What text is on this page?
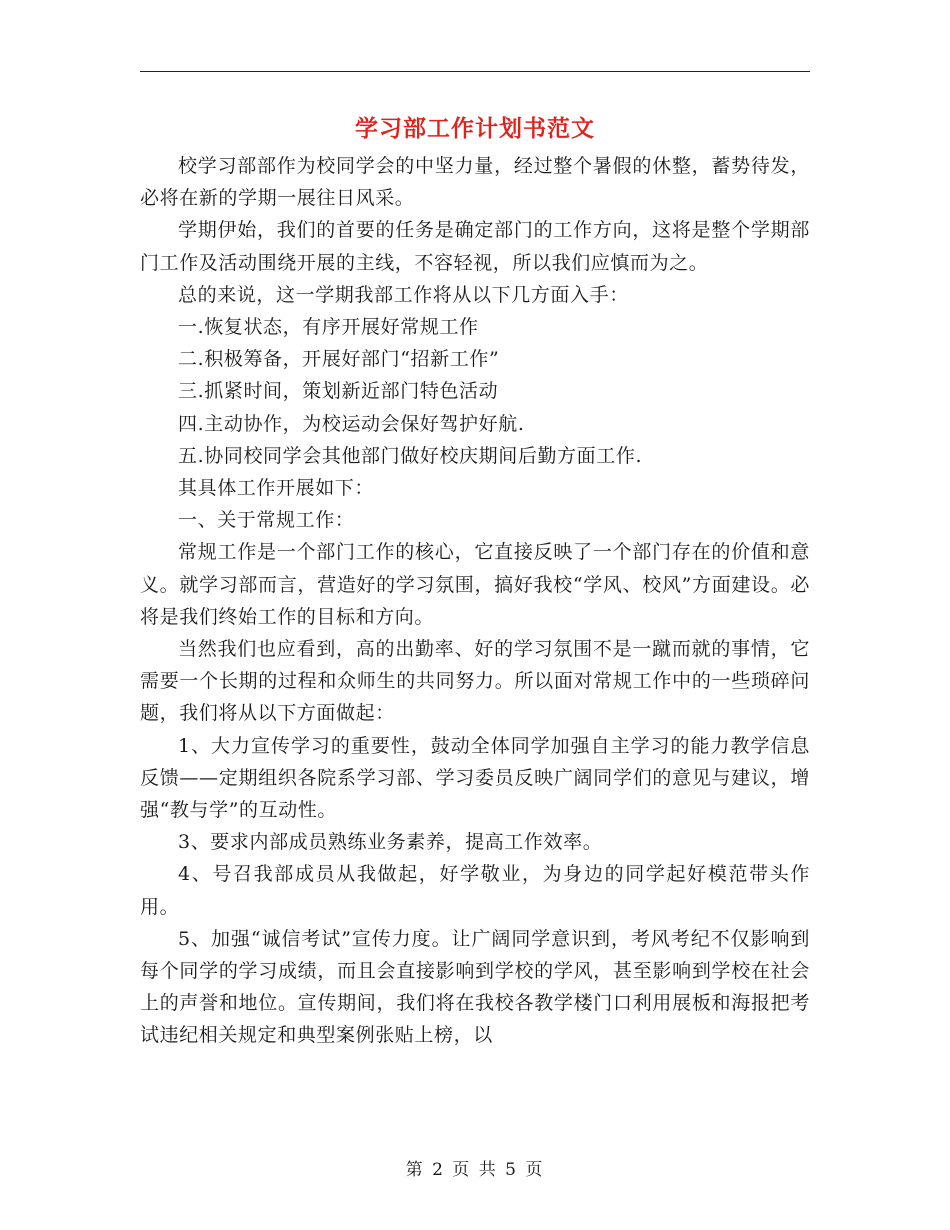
学习部工作计划书范文

校学习部部作为校同学会的中坚力量，经过整个暑假的休整，蓄势待发，必将在新的学期一展往日风采。

学期伊始，我们的首要的任务是确定部门的工作方向，这将是整个学期部门工作及活动围绕开展的主线，不容轻视，所以我们应慎而为之。

总的来说，这一学期我部工作将从以下几方面入手：

一.恢复状态，有序开展好常规工作

二.积极筹备，开展好部门“招新工作”

三.抓紧时间，策划新近部门特色活动

四.主动协作，为校运动会保好驾护好航.

五.协同校同学会其他部门做好校庆期间后勤方面工作.

其具体工作开展如下：

一、关于常规工作：

常规工作是一个部门工作的核心，它直接反映了一个部门存在的价值和意义。就学习部而言，营造好的学习氛围，搞好我校“学风、校风”方面建设。必将是我们终始工作的目标和方向。

当然我们也应看到，高的出勤率、好的学习氛围不是一蹴而就的事情，它需要一个长期的过程和众师生的共同努力。所以面对常规工作中的一些琐碎问题，我们将从以下方面做起：

1、大力宣传学习的重要性，鼓动全体同学加强自主学习的能力教学信息反馈——定期组织各院系学习部、学习委员反映广阔同学们的意见与建议，增强“教与学”的互动性。

3、要求内部成员熟练业务素养，提高工作效率。

4、号召我部成员从我做起，好学敬业，为身边的同学起好模范带头作用。

5、加强“诚信考试”宣传力度。让广阔同学意识到，考风考纪不仅影响到每个同学的学习成绩，而且会直接影响到学校的学风，甚至影响到学校在社会上的声誉和地位。宣传期间，我们将在我校各教学楼门口利用展板和海报把考试违纪相关规定和典型案例张贴上榜，以

第 2 页 共 5 页
